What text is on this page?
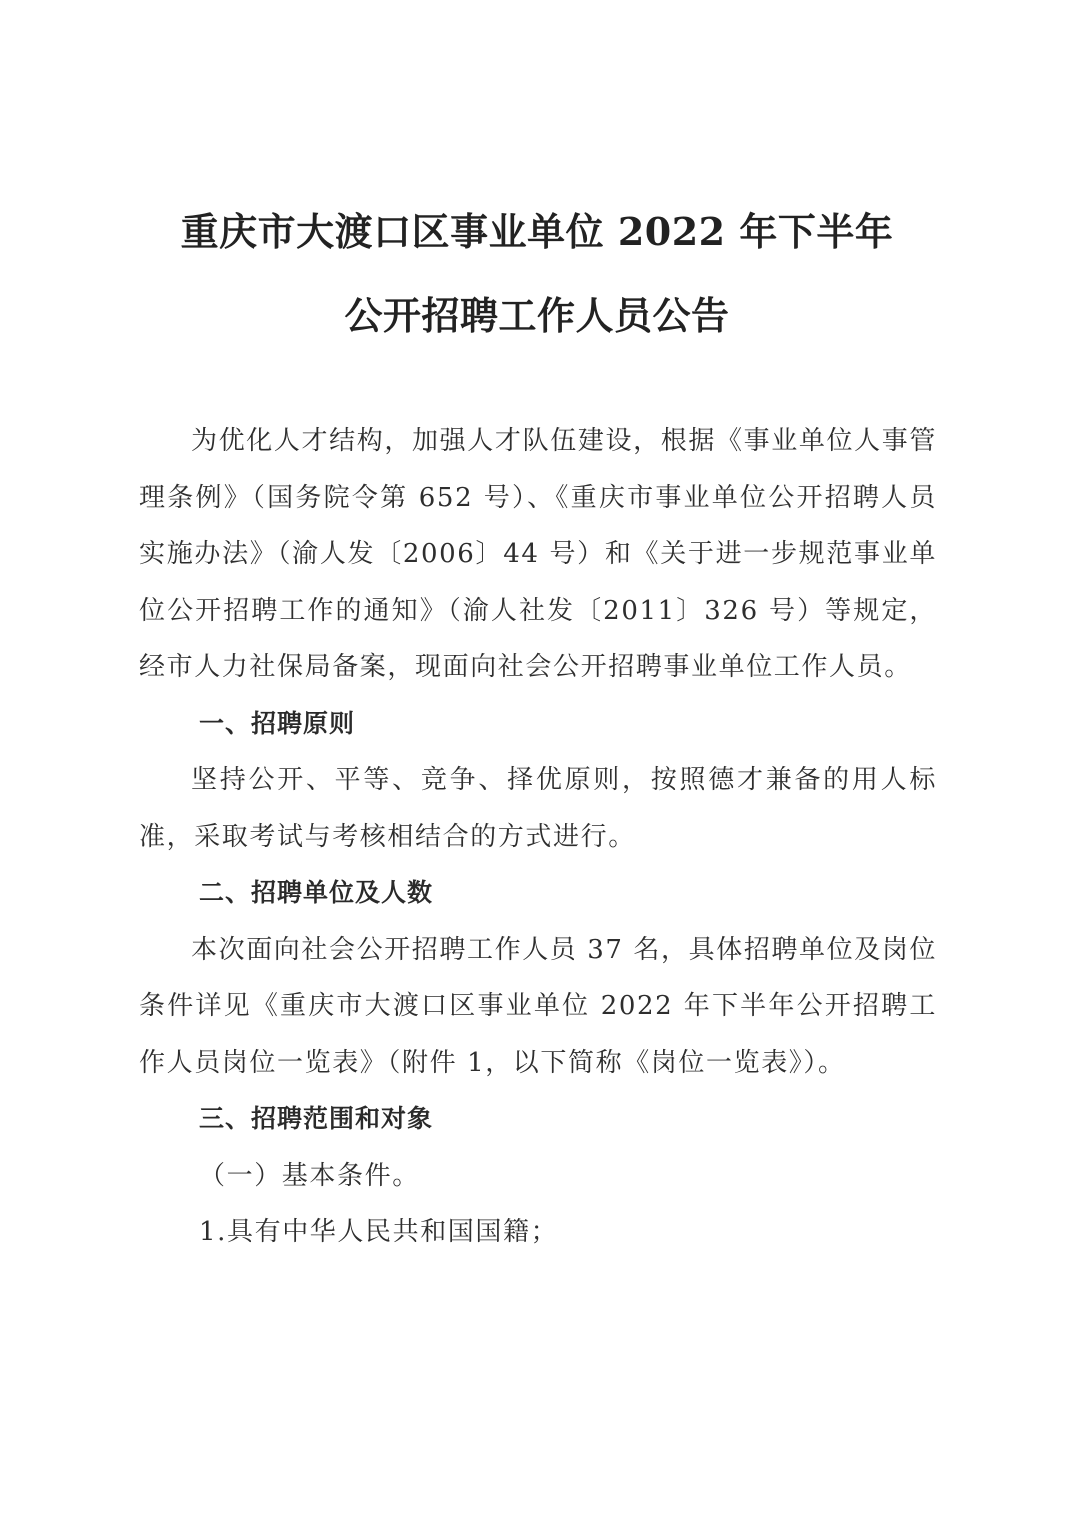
重庆市大渡口区事业单位 2022 年下半年
公开招聘工作人员公告

为优化人才结构，加强人才队伍建设，根据《事业单位人事管理条例》（国务院令第 652 号）、《重庆市事业单位公开招聘人员实施办法》（渝人发〔2006〕44 号）和《关于进一步规范事业单位公开招聘工作的通知》（渝人社发〔2011〕326 号）等规定，经市人力社保局备案，现面向社会公开招聘事业单位工作人员。

一、招聘原则

坚持公开、平等、竞争、择优原则，按照德才兼备的用人标准，采取考试与考核相结合的方式进行。

二、招聘单位及人数

本次面向社会公开招聘工作人员 37 名，具体招聘单位及岗位条件详见《重庆市大渡口区事业单位 2022 年下半年公开招聘工作人员岗位一览表》（附件 1，以下简称《岗位一览表》）。

三、招聘范围和对象

（一）基本条件。

1.具有中华人民共和国国籍；
